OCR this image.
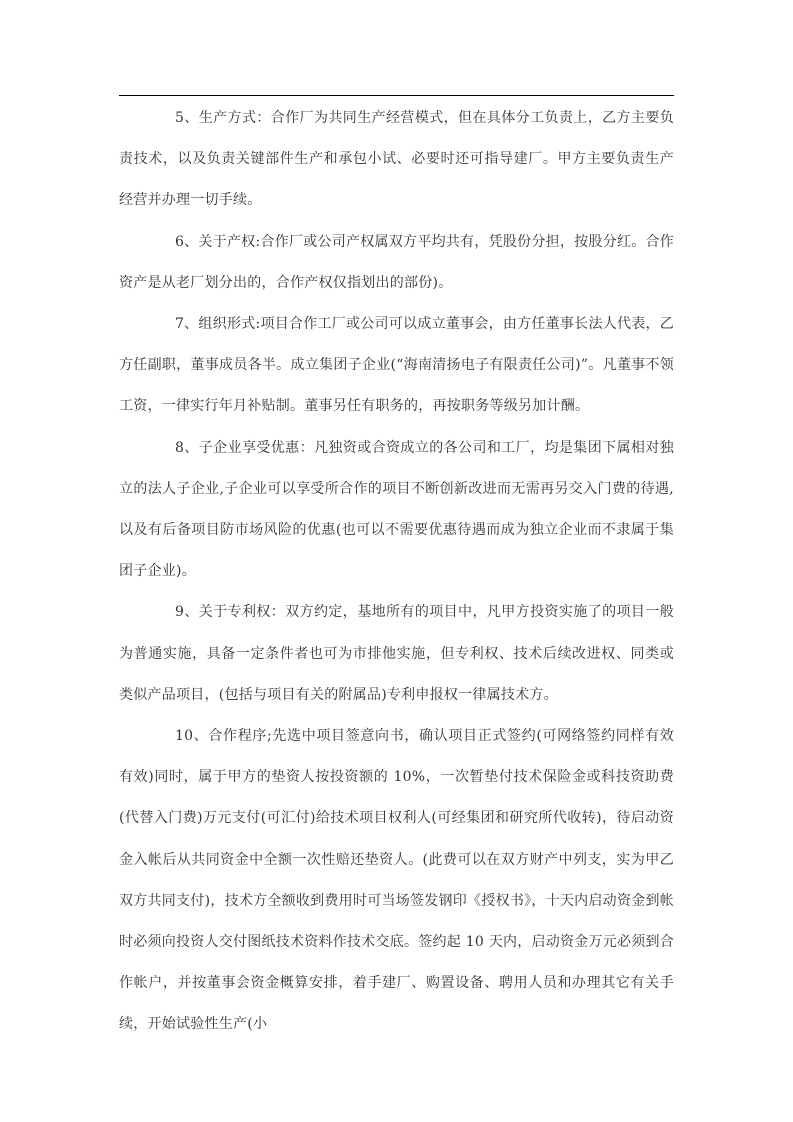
5、生产方式：合作厂为共同生产经营模式，但在具体分工负责上，乙方主要负责技术，以及负责关键部件生产和承包小试、必要时还可指导建厂。甲方主要负责生产经营并办理一切手续。

6、关于产权:合作厂或公司产权属双方平均共有，凭股份分担，按股分红。合作资产是从老厂划分出的，合作产权仅指划出的部份)。

7、组织形式:项目合作工厂或公司可以成立董事会，由方任董事长法人代表，乙方任副职，董事成员各半。成立集团子企业(“海南清扬电子有限责任公司)”。凡董事不领工资，一律实行年月补贴制。董事另任有职务的，再按职务等级另加计酬。

8、子企业享受优惠：凡独资或合资成立的各公司和工厂，均是集团下属相对独立的法人子企业,子企业可以享受所合作的项目不断创新改进而无需再另交入门费的待遇,以及有后备项目防市场风险的优惠(也可以不需要优惠待遇而成为独立企业而不隶属于集团子企业)。

9、关于专利权：双方约定，基地所有的项目中，凡甲方投资实施了的项目一般为普通实施，具备一定条件者也可为市排他实施，但专利权、技术后续改进权、同类或类似产品项目，(包括与项目有关的附属品)专利申报权一律属技术方。

10、合作程序;先选中项目签意向书，确认项目正式签约(可网络签约同样有效有效)同时，属于甲方的垫资人按投资额的 10%，一次暂垫付技术保险金或科技资助费(代替入门费)万元支付(可汇付)给技术项目权利人(可经集团和研究所代收转)，待启动资金入帐后从共同资金中全额一次性赔还垫资人。(此费可以在双方财产中列支，实为甲乙双方共同支付)，技术方全额收到费用时可当场签发钢印《授权书》，十天内启动资金到帐时必须向投资人交付图纸技术资料作技术交底。签约起 10 天内，启动资金万元必须到合作帐户，并按董事会资金概算安排，着手建厂、购置设备、聘用人员和办理其它有关手续，开始试验性生产(小
